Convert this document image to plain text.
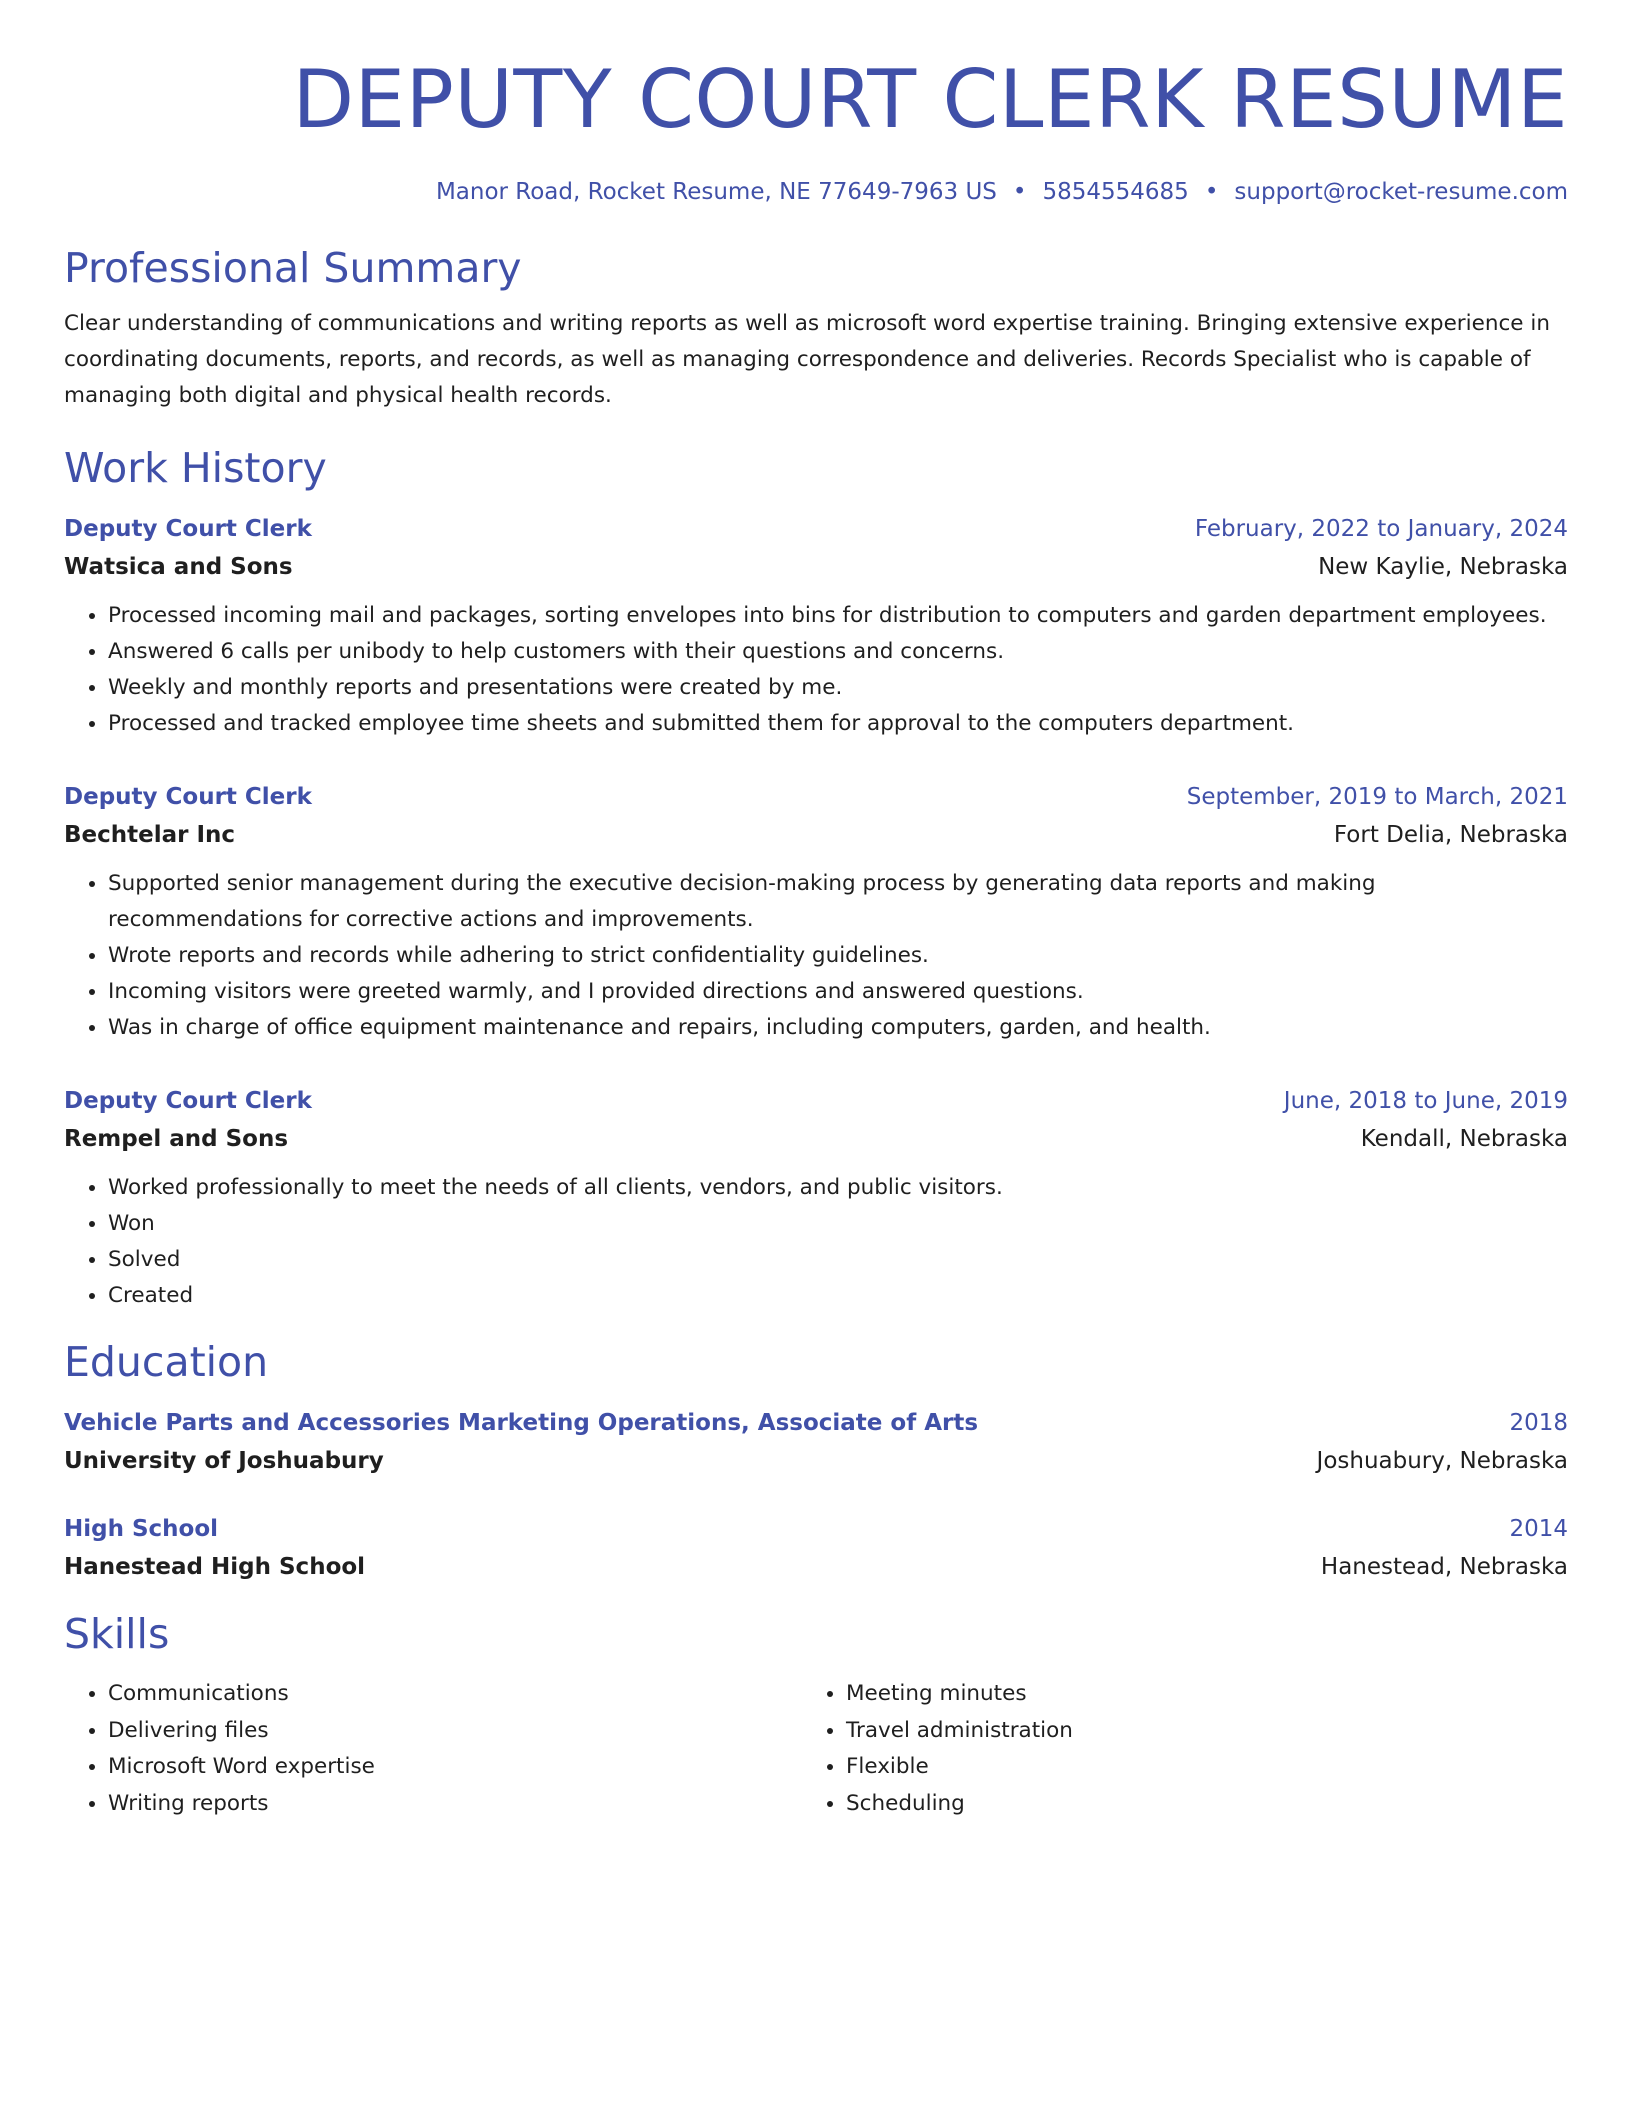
DEPUTY COURT CLERK RESUME
Manor Road, Rocket Resume, NE 77649-7963 US • 5854554685 • support@rocket-resume.com
Professional Summary

Clear understanding of communications and writing reports as well as microsoft word expertise training. Bringing extensive experience in coordinating documents, reports, and records, as well as managing correspondence and deliveries. Records Specialist who is capable of managing both digital and physical health records.

Work History
Deputy Court Clerk	February, 2022 to January, 2024
Watsica and Sons	New Kaylie, Nebraska
• Processed incoming mail and packages, sorting envelopes into bins for distribution to computers and garden department employees.
• Answered 6 calls per unibody to help customers with their questions and concerns.
• Weekly and monthly reports and presentations were created by me.
• Processed and tracked employee time sheets and submitted them for approval to the computers department.
Deputy Court Clerk	September, 2019 to March, 2021
Bechtelar Inc	Fort Delia, Nebraska
• Supported senior management during the executive decision-making process by generating data reports and making recommendations for corrective actions and improvements.
• Wrote reports and records while adhering to strict confidentiality guidelines.
• Incoming visitors were greeted warmly, and I provided directions and answered questions.
• Was in charge of office equipment maintenance and repairs, including computers, garden, and health.
Deputy Court Clerk	June, 2018 to June, 2019
Rempel and Sons	Kendall, Nebraska
• Worked professionally to meet the needs of all clients, vendors, and public visitors.
• Won
• Solved
• Created
Education
Vehicle Parts and Accessories Marketing Operations, Associate of Arts	2018
University of Joshuabury	Joshuabury, Nebraska
High School	2014
Hanestead High School	Hanestead, Nebraska
Skills
• Communications
• Delivering files
• Microsoft Word expertise
• Writing reports
• Meeting minutes
• Travel administration
• Flexible
• Scheduling
